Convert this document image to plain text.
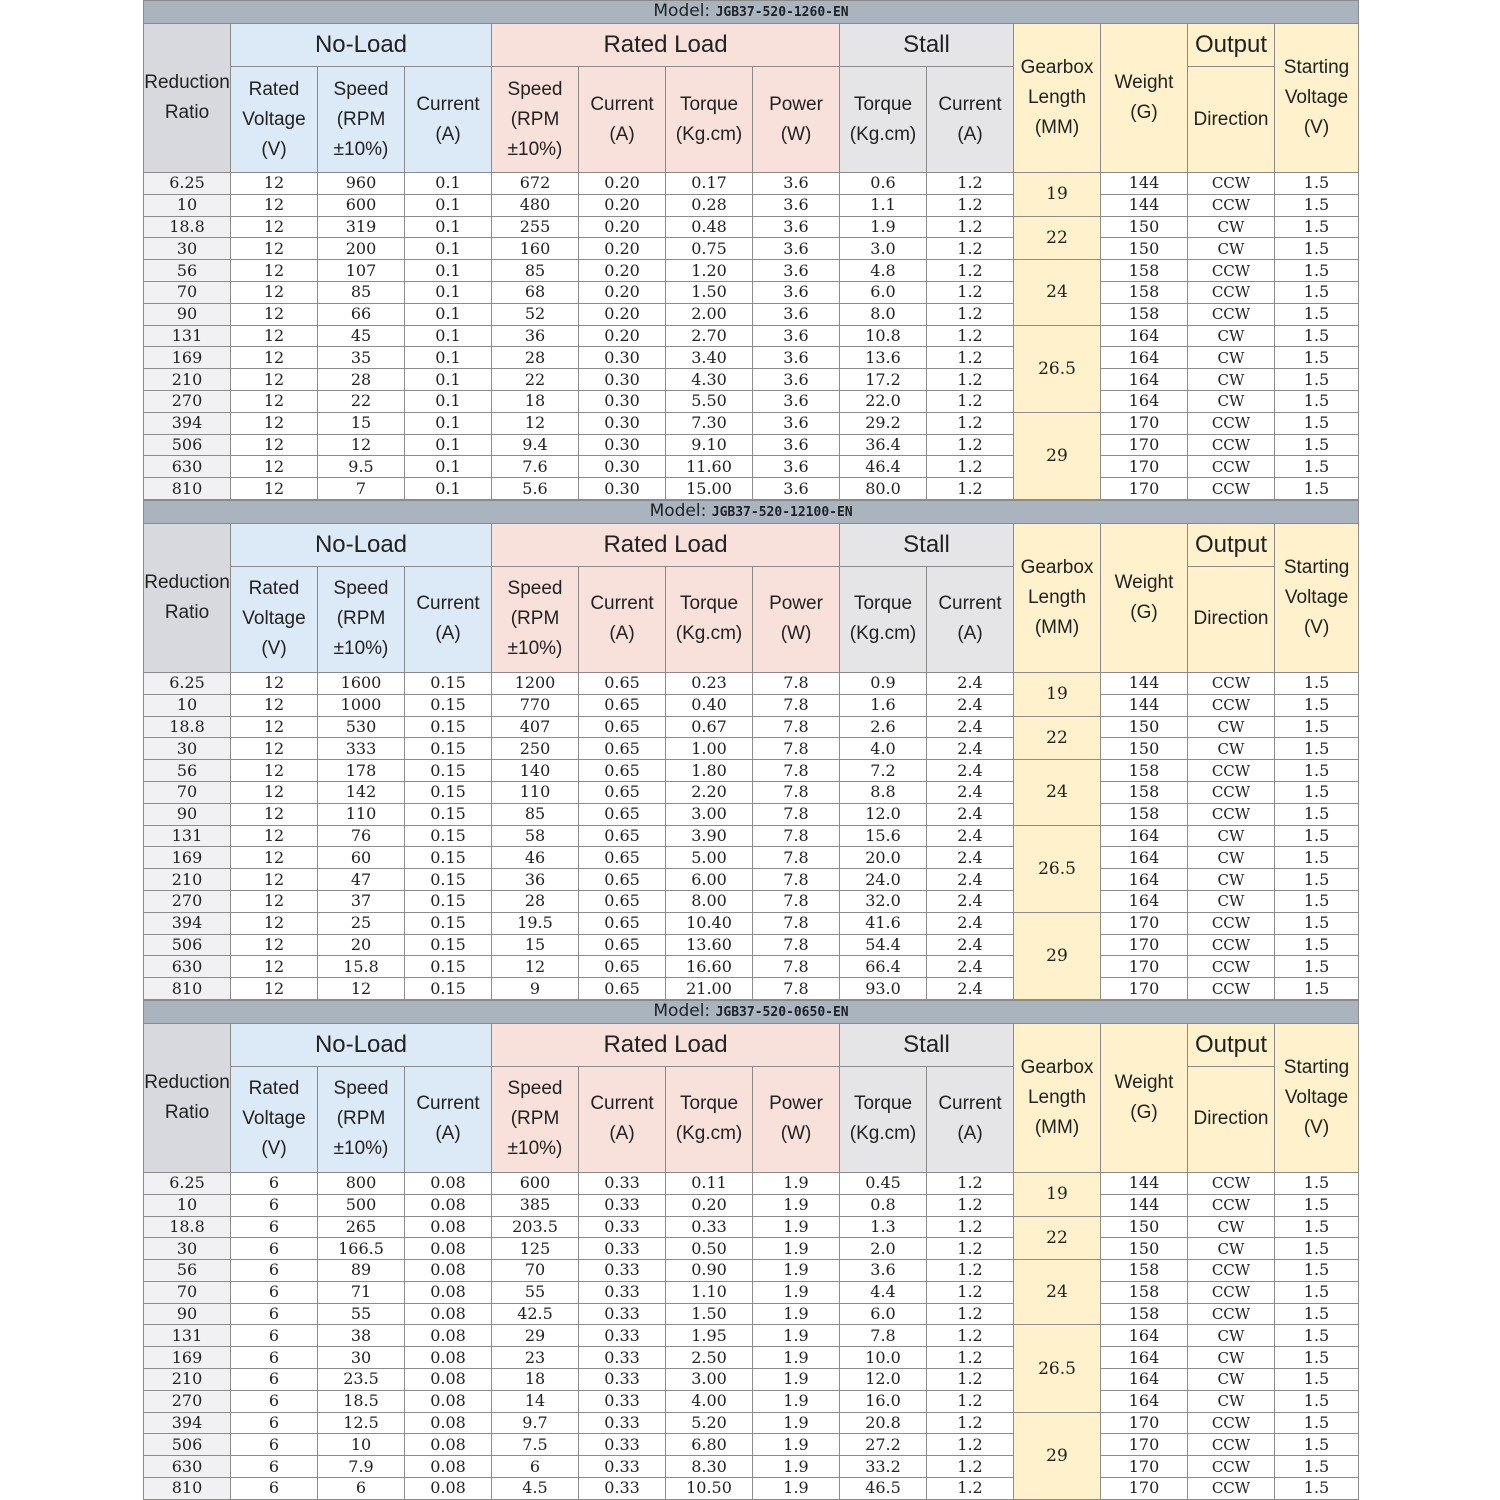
Model: JGB37-520-1260-EN													
Reduction Ratio	No-Load			Rated Load				Stall		Gearbox Length (MM)	Weight (G)	Output	Starting Voltage (V)
	Rated Voltage (V)	Speed (RPM ±10%)	Current (A)	Speed (RPM ±10%)	Current (A)	Torque (Kg.cm)	Power (W)	Torque (Kg.cm)	Current (A)			Direction	
6.25	12	960	0.1	672	0.20	0.17	3.6	0.6	1.2	19	144	CCW	1.5
10	12	600	0.1	480	0.20	0.28	3.6	1.1	1.2		144	CCW	1.5
18.8	12	319	0.1	255	0.20	0.48	3.6	1.9	1.2	22	150	CW	1.5
30	12	200	0.1	160	0.20	0.75	3.6	3.0	1.2		150	CW	1.5
56	12	107	0.1	85	0.20	1.20	3.6	4.8	1.2	24	158	CCW	1.5
70	12	85	0.1	68	0.20	1.50	3.6	6.0	1.2		158	CCW	1.5
90	12	66	0.1	52	0.20	2.00	3.6	8.0	1.2		158	CCW	1.5
131	12	45	0.1	36	0.20	2.70	3.6	10.8	1.2	26.5	164	CW	1.5
169	12	35	0.1	28	0.30	3.40	3.6	13.6	1.2		164	CW	1.5
210	12	28	0.1	22	0.30	4.30	3.6	17.2	1.2		164	CW	1.5
270	12	22	0.1	18	0.30	5.50	3.6	22.0	1.2		164	CW	1.5
394	12	15	0.1	12	0.30	7.30	3.6	29.2	1.2	29	170	CCW	1.5
506	12	12	0.1	9.4	0.30	9.10	3.6	36.4	1.2		170	CCW	1.5
630	12	9.5	0.1	7.6	0.30	11.60	3.6	46.4	1.2		170	CCW	1.5
810	12	7	0.1	5.6	0.30	15.00	3.6	80.0	1.2		170	CCW	1.5
Model: JGB37-520-12100-EN													
Reduction Ratio	No-Load			Rated Load				Stall		Gearbox Length (MM)	Weight (G)	Output	Starting Voltage (V)
	Rated Voltage (V)	Speed (RPM ±10%)	Current (A)	Speed (RPM ±10%)	Current (A)	Torque (Kg.cm)	Power (W)	Torque (Kg.cm)	Current (A)			Direction	
6.25	12	1600	0.15	1200	0.65	0.23	7.8	0.9	2.4	19	144	CCW	1.5
10	12	1000	0.15	770	0.65	0.40	7.8	1.6	2.4		144	CCW	1.5
18.8	12	530	0.15	407	0.65	0.67	7.8	2.6	2.4	22	150	CW	1.5
30	12	333	0.15	250	0.65	1.00	7.8	4.0	2.4		150	CW	1.5
56	12	178	0.15	140	0.65	1.80	7.8	7.2	2.4	24	158	CCW	1.5
70	12	142	0.15	110	0.65	2.20	7.8	8.8	2.4		158	CCW	1.5
90	12	110	0.15	85	0.65	3.00	7.8	12.0	2.4		158	CCW	1.5
131	12	76	0.15	58	0.65	3.90	7.8	15.6	2.4	26.5	164	CW	1.5
169	12	60	0.15	46	0.65	5.00	7.8	20.0	2.4		164	CW	1.5
210	12	47	0.15	36	0.65	6.00	7.8	24.0	2.4		164	CW	1.5
270	12	37	0.15	28	0.65	8.00	7.8	32.0	2.4		164	CW	1.5
394	12	25	0.15	19.5	0.65	10.40	7.8	41.6	2.4	29	170	CCW	1.5
506	12	20	0.15	15	0.65	13.60	7.8	54.4	2.4		170	CCW	1.5
630	12	15.8	0.15	12	0.65	16.60	7.8	66.4	2.4		170	CCW	1.5
810	12	12	0.15	9	0.65	21.00	7.8	93.0	2.4		170	CCW	1.5
Model: JGB37-520-0650-EN													
Reduction Ratio	No-Load			Rated Load				Stall		Gearbox Length (MM)	Weight (G)	Output	Starting Voltage (V)
	Rated Voltage (V)	Speed (RPM ±10%)	Current (A)	Speed (RPM ±10%)	Current (A)	Torque (Kg.cm)	Power (W)	Torque (Kg.cm)	Current (A)			Direction	
6.25	6	800	0.08	600	0.33	0.11	1.9	0.45	1.2	19	144	CCW	1.5
10	6	500	0.08	385	0.33	0.20	1.9	0.8	1.2		144	CCW	1.5
18.8	6	265	0.08	203.5	0.33	0.33	1.9	1.3	1.2	22	150	CW	1.5
30	6	166.5	0.08	125	0.33	0.50	1.9	2.0	1.2		150	CW	1.5
56	6	89	0.08	70	0.33	0.90	1.9	3.6	1.2	24	158	CCW	1.5
70	6	71	0.08	55	0.33	1.10	1.9	4.4	1.2		158	CCW	1.5
90	6	55	0.08	42.5	0.33	1.50	1.9	6.0	1.2		158	CCW	1.5
131	6	38	0.08	29	0.33	1.95	1.9	7.8	1.2	26.5	164	CW	1.5
169	6	30	0.08	23	0.33	2.50	1.9	10.0	1.2		164	CW	1.5
210	6	23.5	0.08	18	0.33	3.00	1.9	12.0	1.2		164	CW	1.5
270	6	18.5	0.08	14	0.33	4.00	1.9	16.0	1.2		164	CW	1.5
394	6	12.5	0.08	9.7	0.33	5.20	1.9	20.8	1.2	29	170	CCW	1.5
506	6	10	0.08	7.5	0.33	6.80	1.9	27.2	1.2		170	CCW	1.5
630	6	7.9	0.08	6	0.33	8.30	1.9	33.2	1.2		170	CCW	1.5
810	6	6	0.08	4.5	0.33	10.50	1.9	46.5	1.2		170	CCW	1.5
